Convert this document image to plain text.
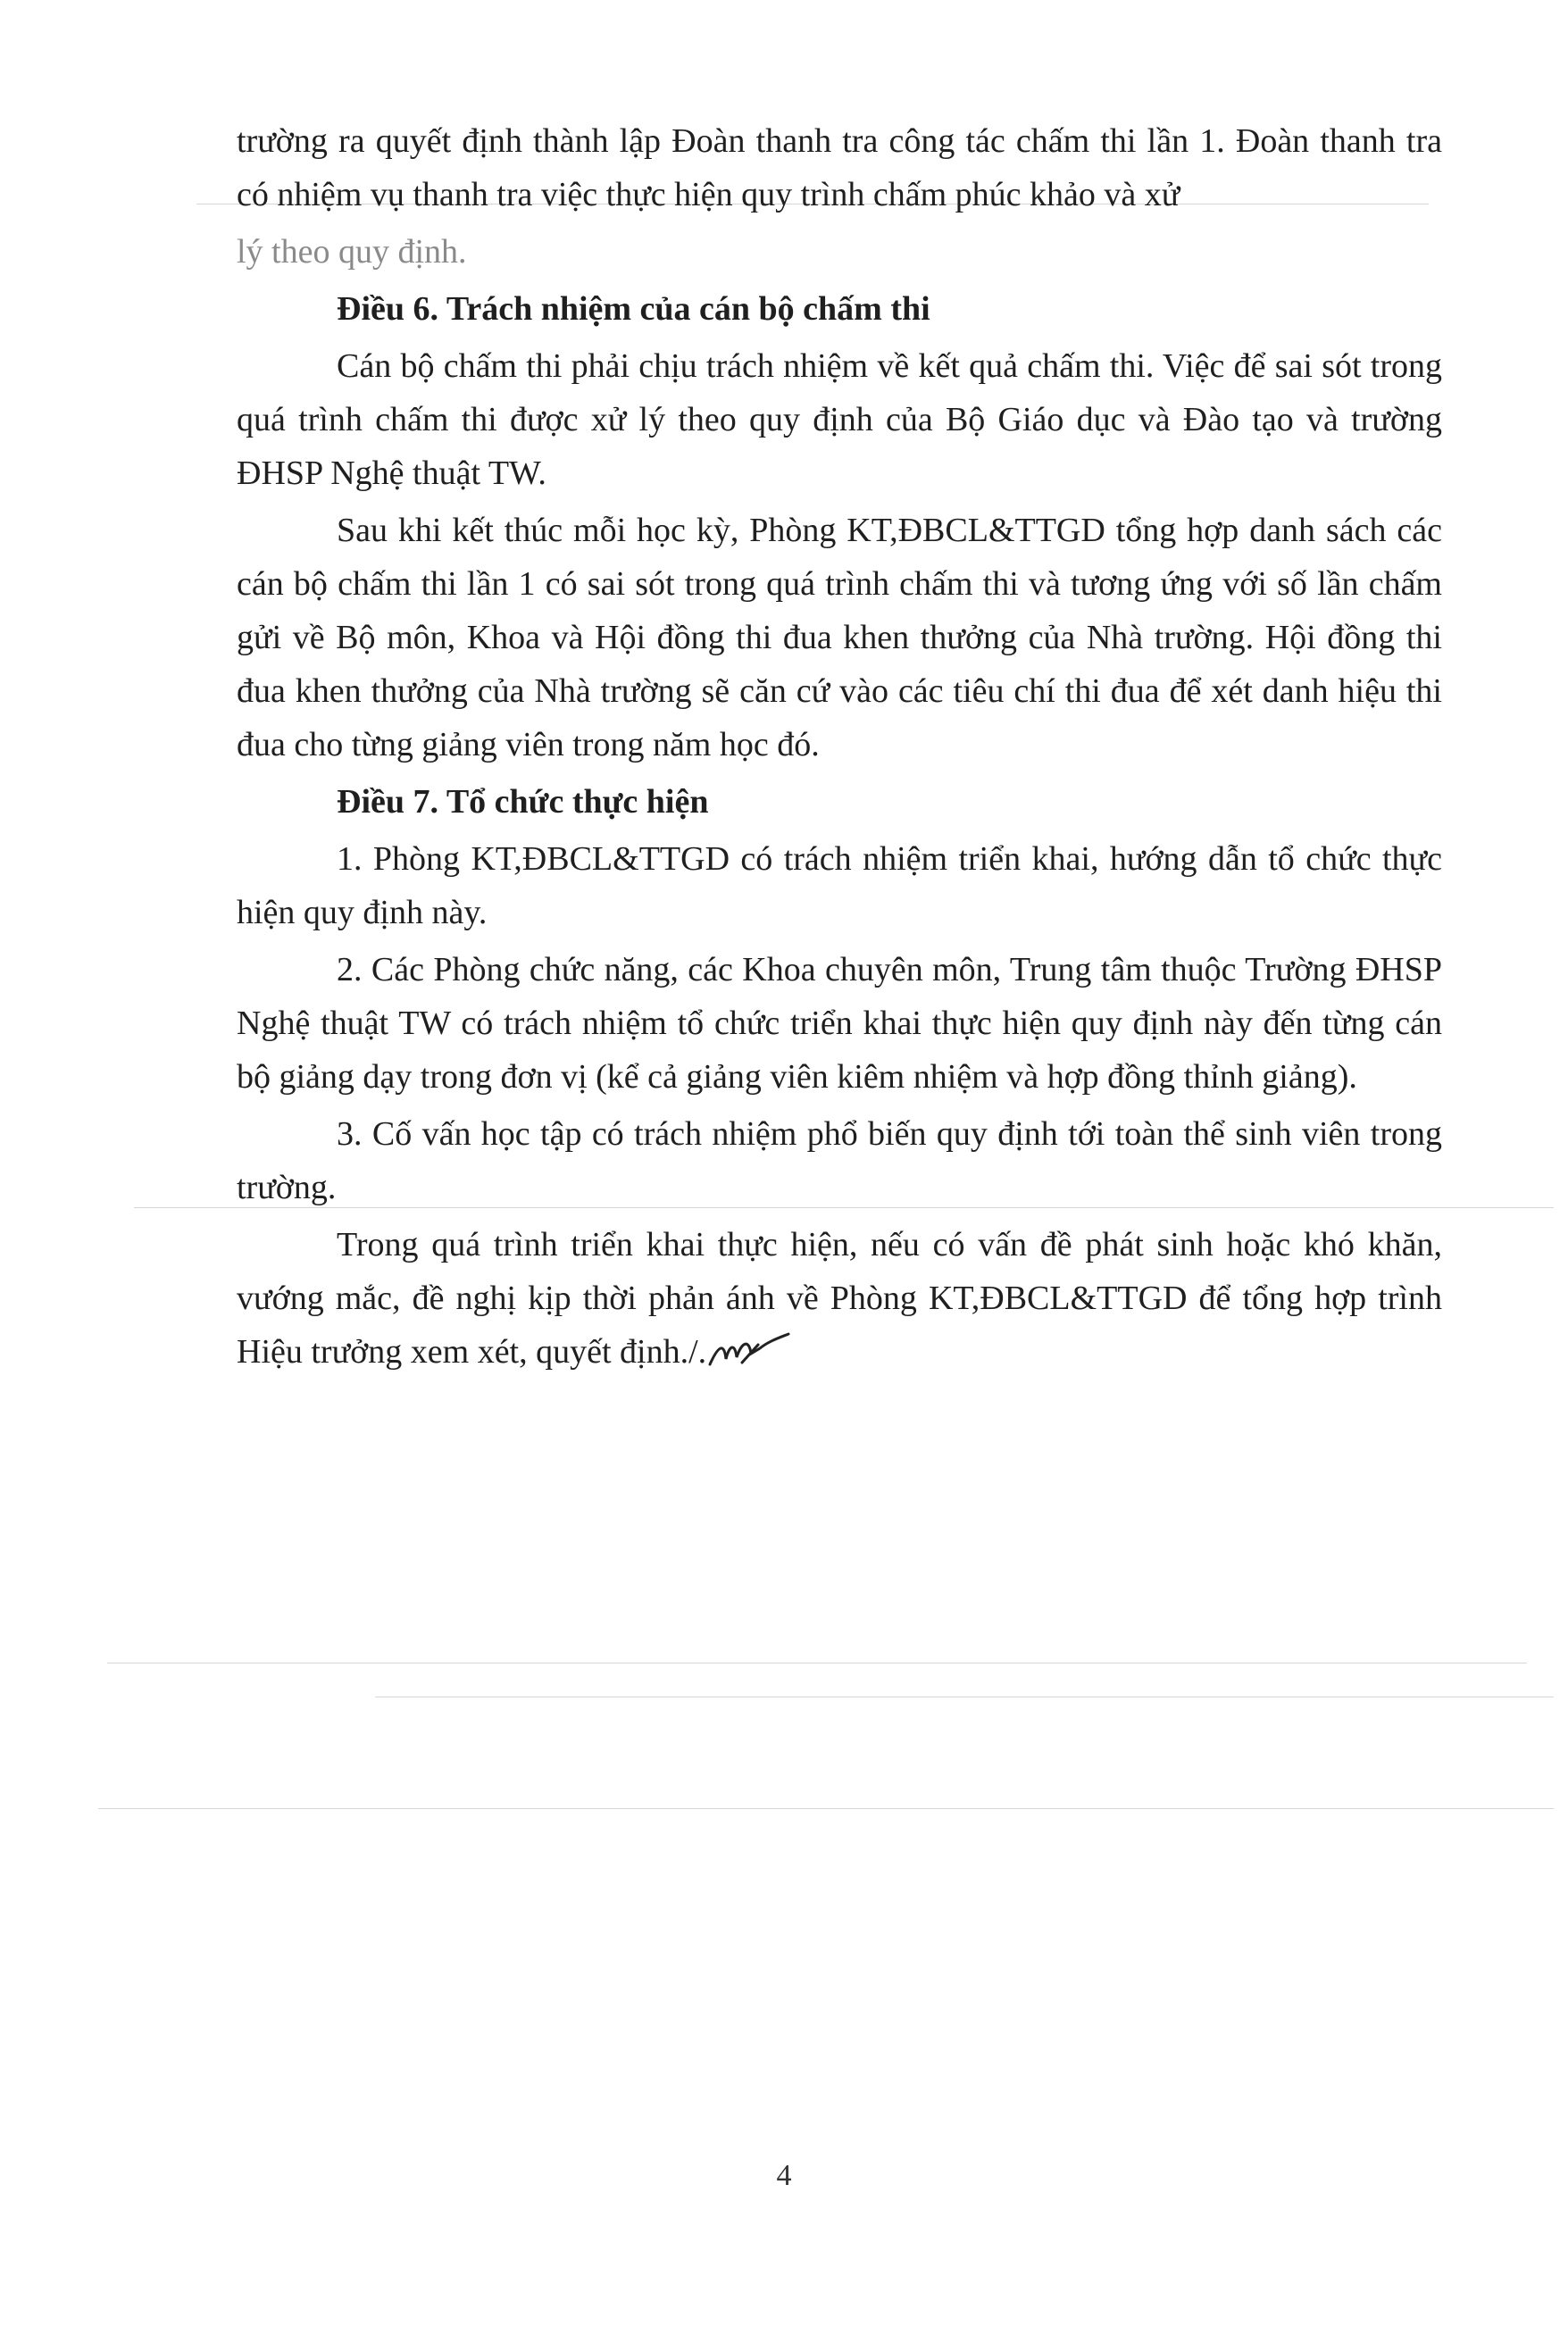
trường ra quyết định thành lập Đoàn thanh tra công tác chấm thi lần 1. Đoàn thanh tra có nhiệm vụ thanh tra việc thực hiện quy trình chấm phúc khảo và xử

lý theo quy định.

Điều 6. Trách nhiệm của cán bộ chấm thi

Cán bộ chấm thi phải chịu trách nhiệm về kết quả chấm thi. Việc để sai sót trong quá trình chấm thi được xử lý theo quy định của Bộ Giáo dục và Đào tạo và trường ĐHSP Nghệ thuật TW.

Sau khi kết thúc mỗi học kỳ, Phòng KT,ĐBCL&TTGD tổng hợp danh sách các cán bộ chấm thi lần 1 có sai sót trong quá trình chấm thi và tương ứng với số lần chấm gửi về Bộ môn, Khoa và Hội đồng thi đua khen thưởng của Nhà trường. Hội đồng thi đua khen thưởng của Nhà trường sẽ căn cứ vào các tiêu chí thi đua để xét danh hiệu thi đua cho từng giảng viên trong năm học đó.

Điều 7. Tổ chức thực hiện

1. Phòng KT,ĐBCL&TTGD có trách nhiệm triển khai, hướng dẫn tổ chức thực hiện quy định này.

2. Các Phòng chức năng, các Khoa chuyên môn, Trung tâm thuộc Trường ĐHSP Nghệ thuật TW có trách nhiệm tổ chức triển khai thực hiện quy định này đến từng cán bộ giảng dạy trong đơn vị (kể cả giảng viên kiêm nhiệm và hợp đồng thỉnh giảng).

3. Cố vấn học tập có trách nhiệm phổ biến quy định tới toàn thể sinh viên trong trường.

Trong quá trình triển khai thực hiện, nếu có vấn đề phát sinh hoặc khó khăn, vướng mắc, đề nghị kịp thời phản ánh về Phòng KT,ĐBCL&TTGD để tổng hợp trình Hiệu trưởng xem xét, quyết định./.

4
